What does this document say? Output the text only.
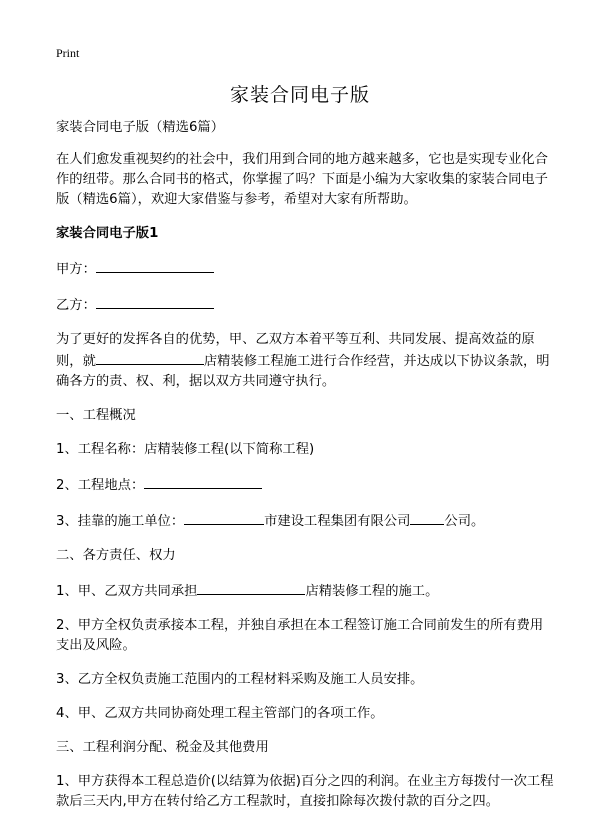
Print
家装合同电子版

家装合同电子版（精选6篇）

在人们愈发重视契约的社会中，我们用到合同的地方越来越多，它也是实现专业化合作的纽带。那么合同书的格式，你掌握了吗？下面是小编为大家收集的家装合同电子版（精选6篇），欢迎大家借鉴与参考，希望对大家有所帮助。

家装合同电子版1

甲方：

乙方：

为了更好的发挥各自的优势，甲、乙双方本着平等互利、共同发展、提高效益的原则，就	店精装修工程施工进行合作经营，并达成以下协议条款，明确各方的责、权、利，据以双方共同遵守执行。

一、工程概况

1、工程名称：店精装修工程(以下简称工程)

2、工程地点：

3、挂靠的施工单位：	市建设工程集团有限公司	公司。

二、各方责任、权力

1、甲、乙双方共同承担	店精装修工程的施工。

2、甲方全权负责承接本工程，并独自承担在本工程签订施工合同前发生的所有费用支出及风险。

3、乙方全权负责施工范围内的工程材料采购及施工人员安排。

4、甲、乙双方共同协商处理工程主管部门的各项工作。

三、工程利润分配、税金及其他费用

1、甲方获得本工程总造价(以结算为依据)百分之四的利润。在业主方每拨付一次工程款后三天内,甲方在转付给乙方工程款时，直接扣除每次拨付款的百分之四。
